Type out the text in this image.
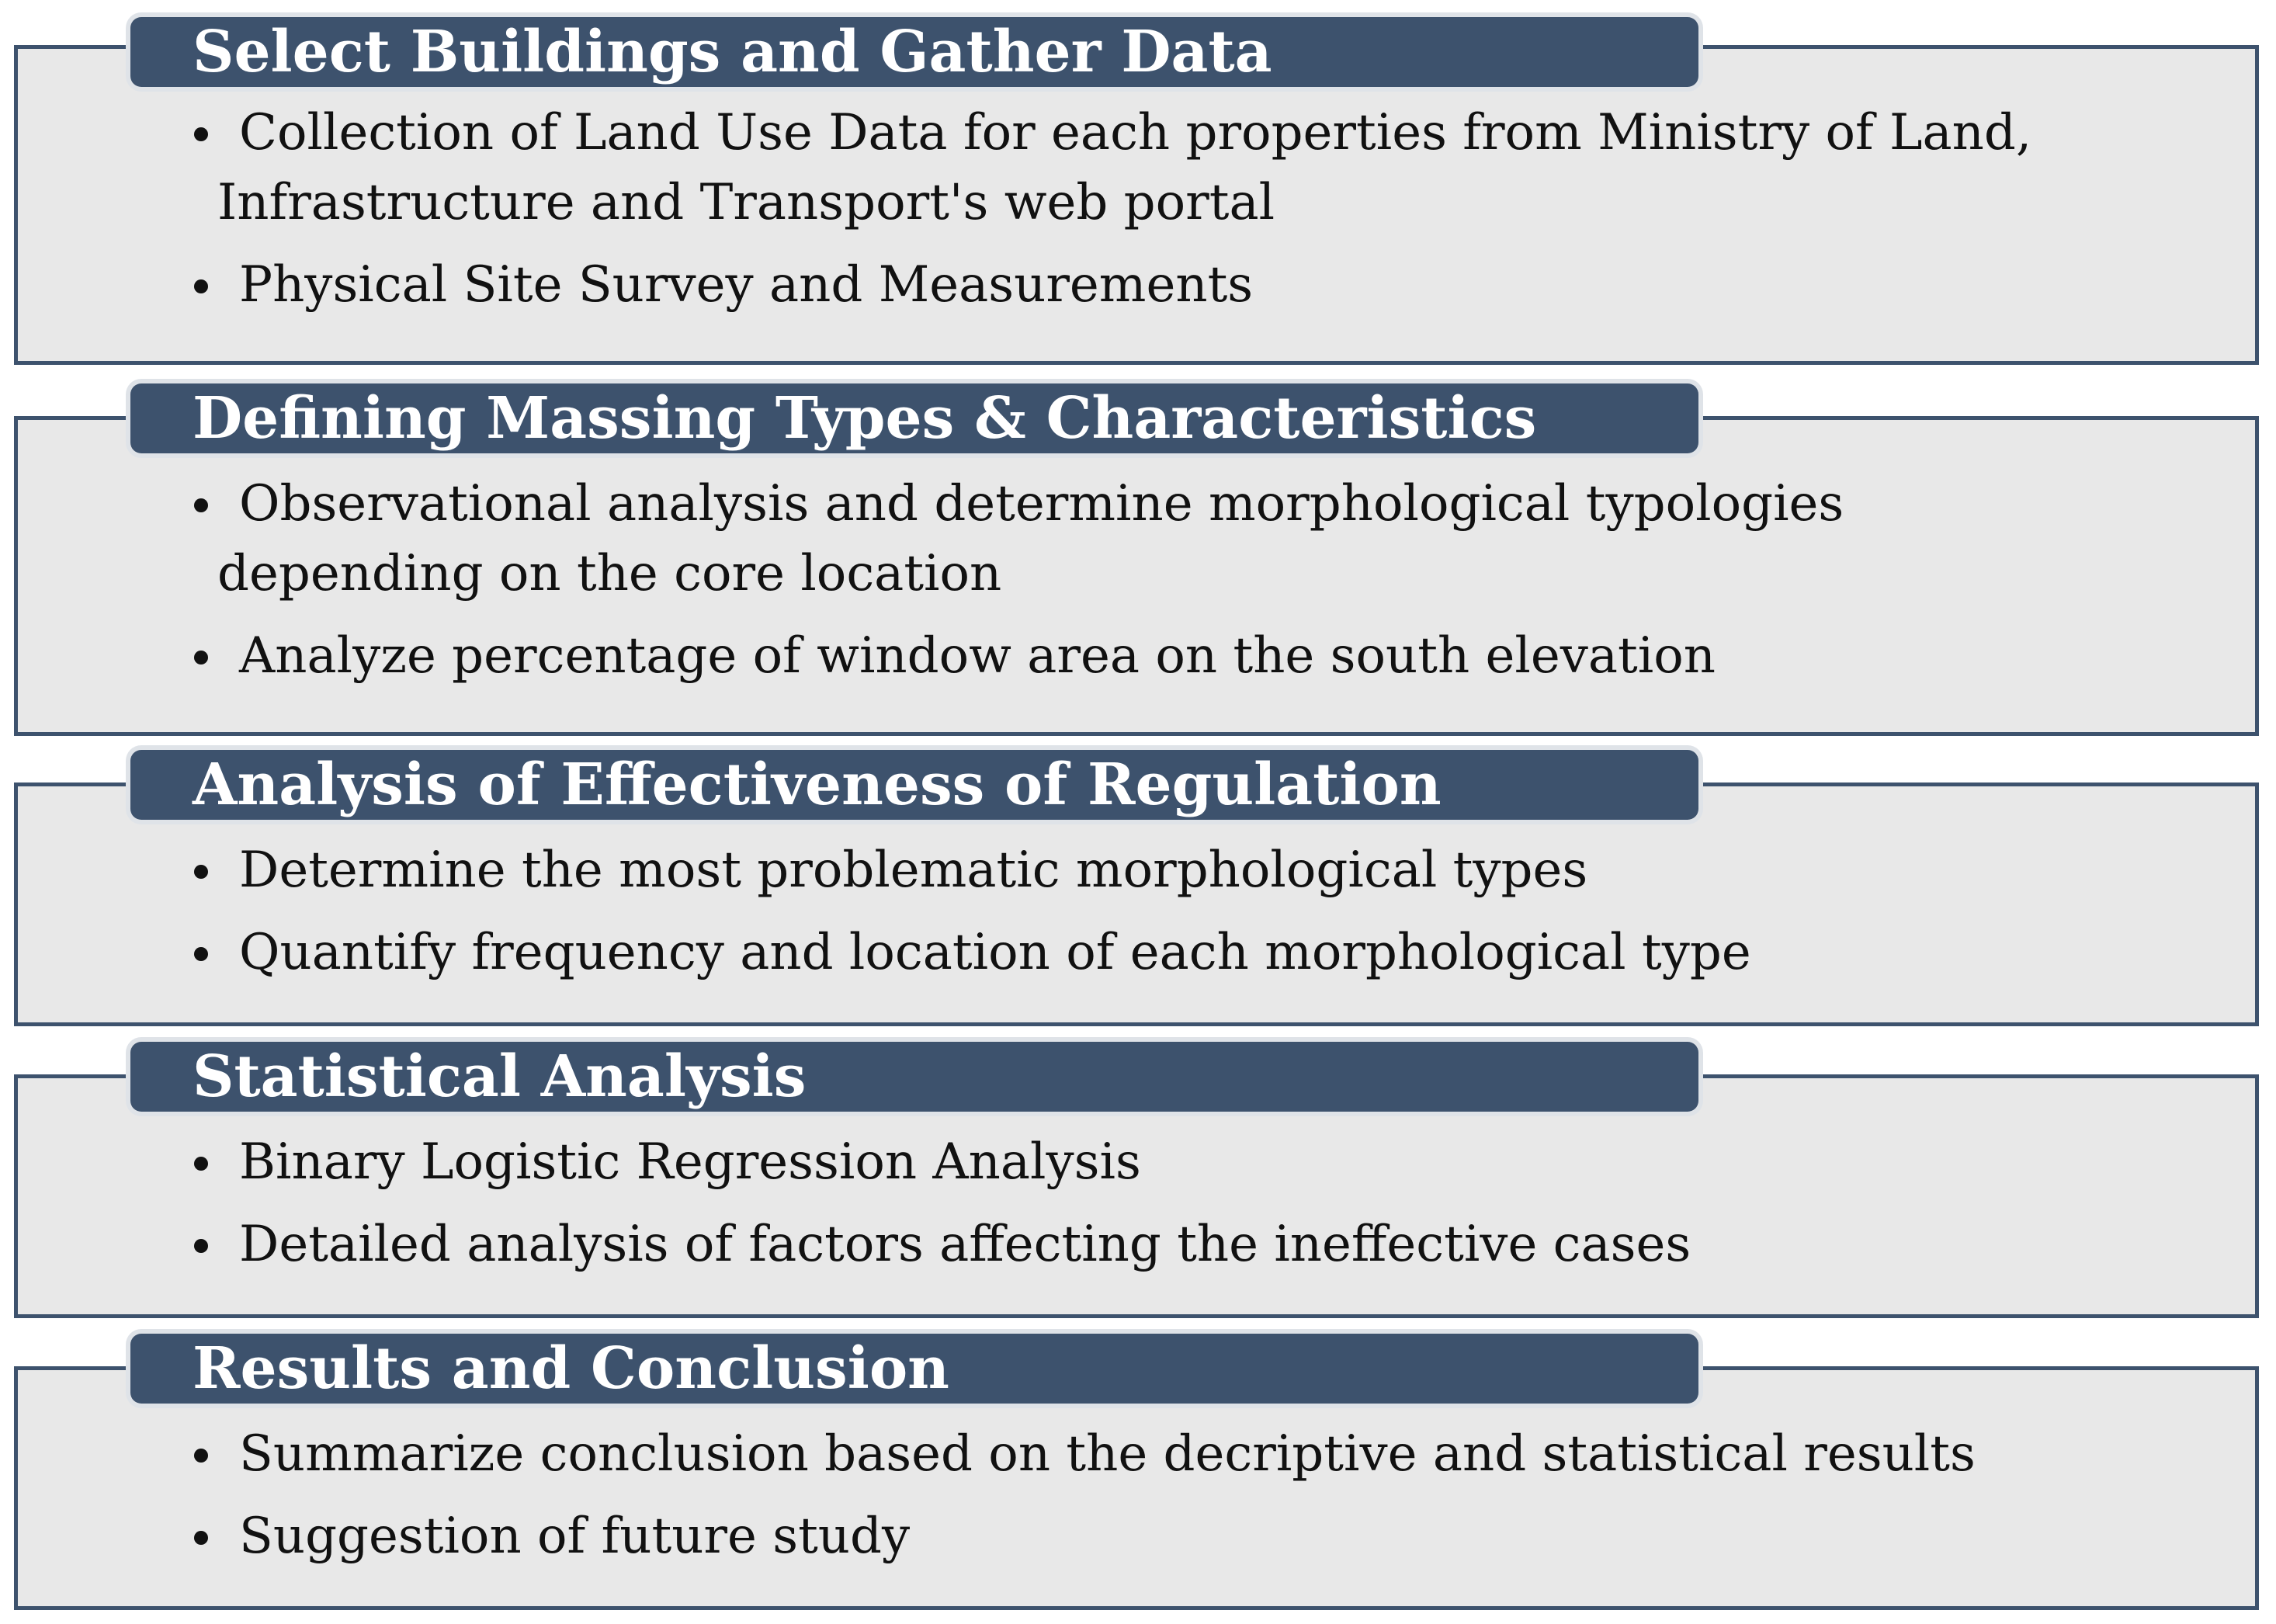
Select Buildings and Gather Data
Collection of Land Use Data for each properties from Ministry of Land,
Infrastructure and Transport's web portal
Physical Site Survey and Measurements
Defining Massing Types & Characteristics
Observational analysis and determine morphological typologies
depending on the core location
Analyze percentage of window area on the south elevation
Analysis of Effectiveness of Regulation
Determine the most problematic morphological types
Quantify frequency and location of each morphological type
Statistical Analysis
Binary Logistic Regression Analysis
Detailed analysis of factors affecting the ineffective cases
Results and Conclusion
Summarize conclusion based on the decriptive and statistical results
Suggestion of future study
